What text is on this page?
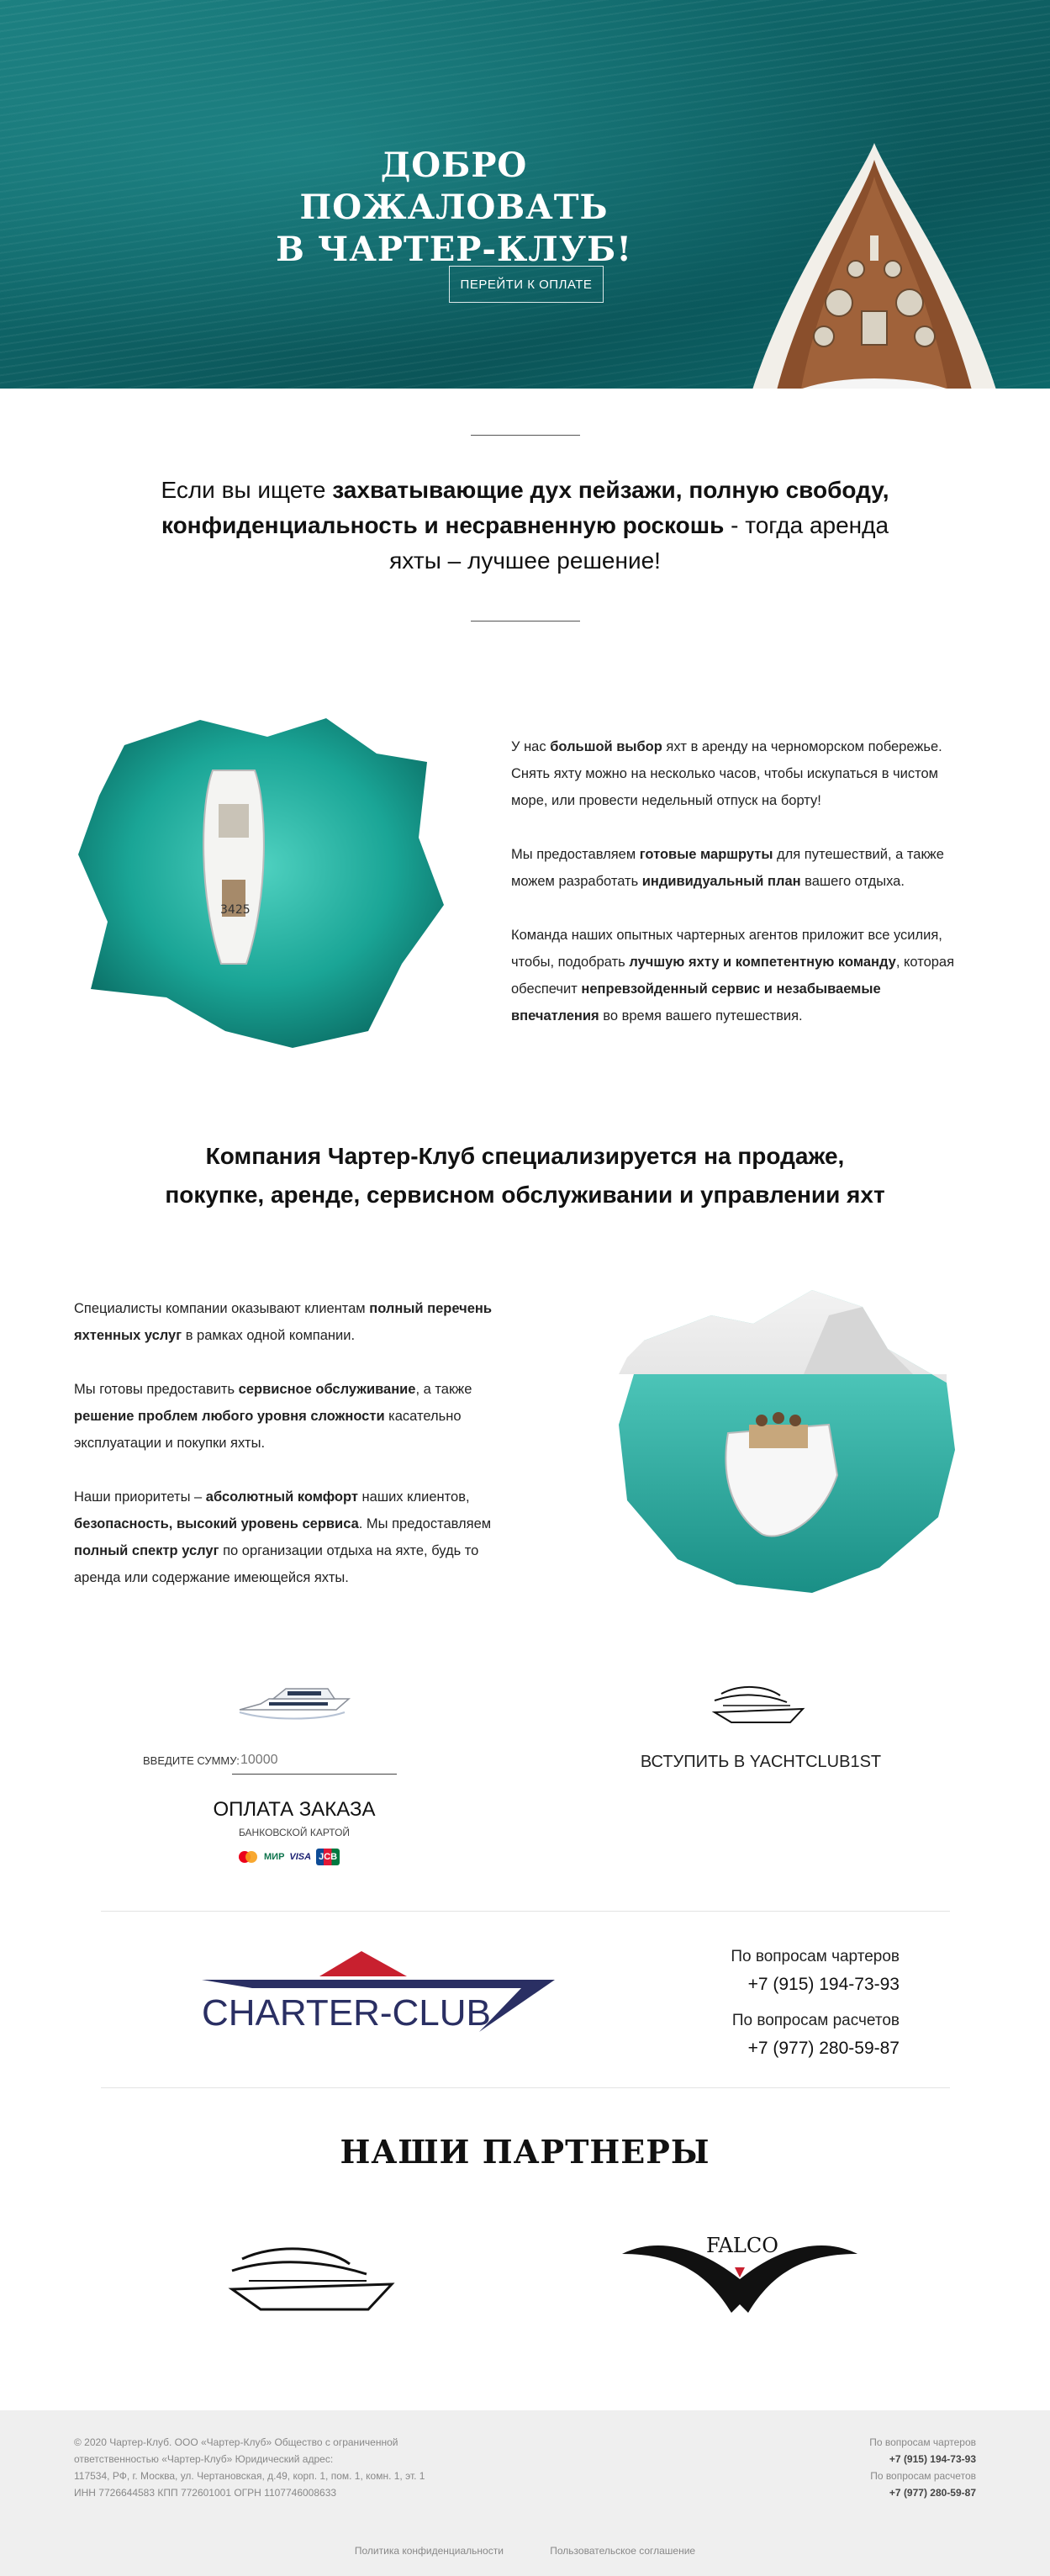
ДОБРО ПОЖАЛОВАТЬ
В ЧАРТЕР-КЛУБ!
ПЕРЕЙТИ К ОПЛАТЕ

Если вы ищете захватывающие дух пейзажи, полную свободу, конфиденциальность и несравненную роскошь - тогда аренда яхты – лучшее решение!

3425

У нас большой выбор яхт в аренду на черноморском побережье. Снять яхту можно на несколько часов, чтобы искупаться в чистом море, или провести недельный отпуск на борту!

Мы предоставляем готовые маршруты для путешествий, а также можем разработать индивидуальный план вашего отдыха.

Команда наших опытных чартерных агентов приложит все усилия, чтобы, подобрать лучшую яхту и компетентную команду, которая обеспечит непревзойденный сервис и незабываемые впечатления во время вашего путешествия.

Компания Чартер-Клуб специализируется на продаже,
покупке, аренде, сервисном обслуживании и управлении яхт

Специалисты компании оказывают клиентам полный перечень яхтенных услуг в рамках одной компании.

Мы готовы предоставить сервисное обслуживание, а также решение проблем любого уровня сложности касательно эксплуатации и покупки яхты.

Наши приоритеты – абсолютный комфорт наших клиентов, безопасность, высокий уровень сервиса. Мы предоставляем полный спектр услуг по организации отдыха на яхте, будь то аренда или содержание имеющейся яхты.

ВВЕДИТЕ СУММУ:
10000
ОПЛАТА ЗАКАЗА
БАНКОВСКОЙ КАРТОЙ
МИР VISA JCB
ВСТУПИТЬ В YACHTCLUB1ST
CHARTER-CLUB
По вопросам чартеров
+7 (915) 194-73-93
По вопросам расчетов
+7 (977) 280-59-87
НАШИ ПАРТНЕРЫ
FALCO
© 2020 Чартер-Клуб. ООО «Чартер-Клуб» Общество с ограниченной
ответственностью «Чартер-Клуб» Юридический адрес:
117534, РФ, г. Москва, ул. Чертановская, д.49, корп. 1, пом. 1, комн. 1, эт. 1
ИНН 7726644583 КПП 772601001 ОГРН 1107746008633
По вопросам чартеров
+7 (915) 194-73-93
По вопросам расчетов
+7 (977) 280-59-87
Политика конфиденциальности	Пользовательское соглашение
